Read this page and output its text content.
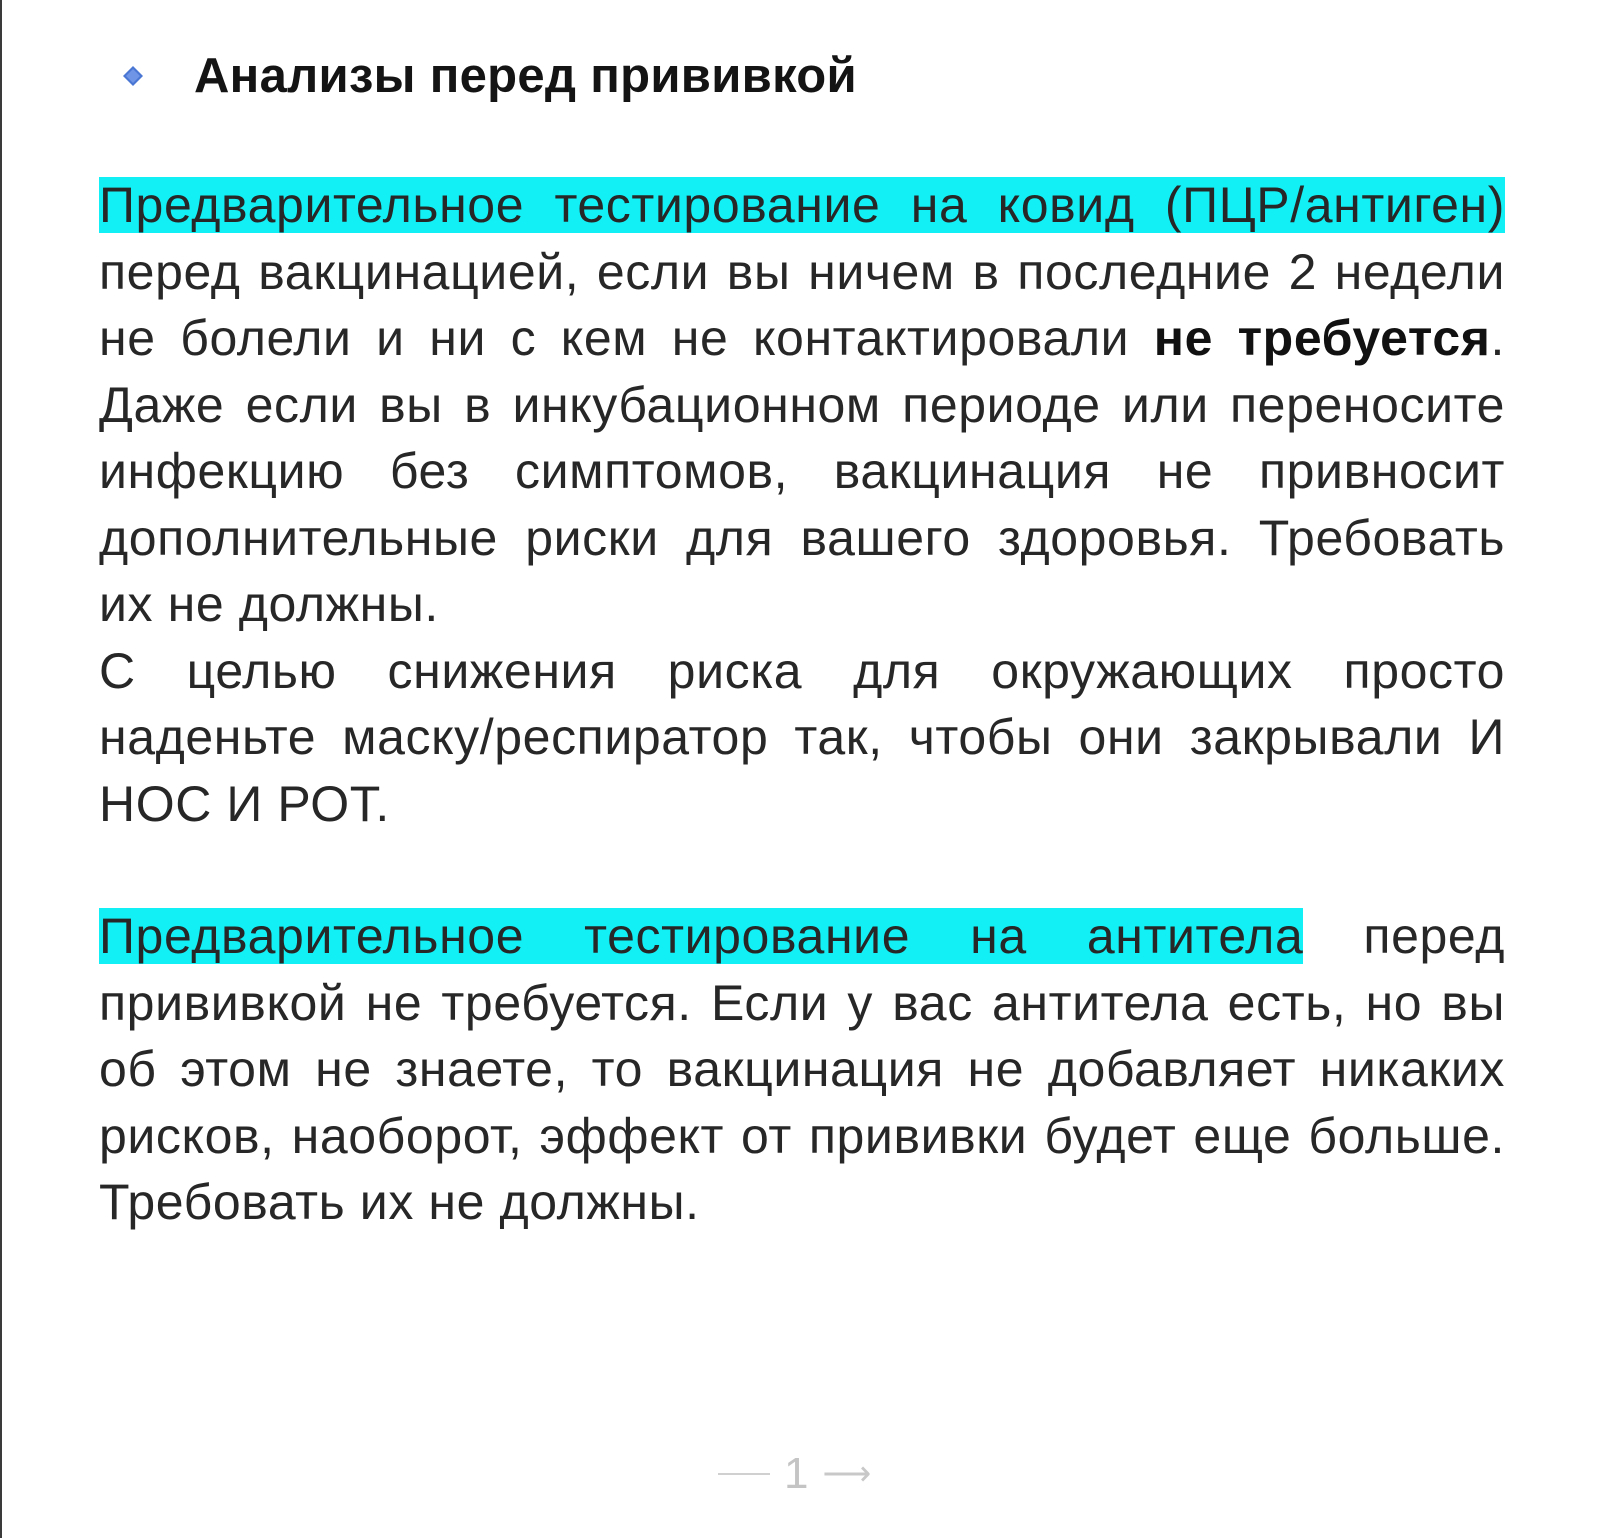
Анализы перед прививкой

Предварительное тестирование на ковид (ПЦР/антиген) перед вакцинацией, если вы ничем в последние 2 недели не болели и ни с кем не контактировали не требуется. Даже если вы в инкубационном периоде или переносите инфекцию без симптомов, вакцинация не привносит дополнительные риски для вашего здоровья. Требовать их не должны.

С целью снижения риска для окружающих просто наденьте маску/респиратор так, чтобы они закрывали И НОС И РОТ.

Предварительное тестирование на антитела перед прививкой не требуется. Если у вас антитела есть, но вы об этом не знаете, то вакцинация не добавляет никаких рисков, наоборот, эффект от прививки будет еще больше. Требовать их не должны.

1 ⟶
